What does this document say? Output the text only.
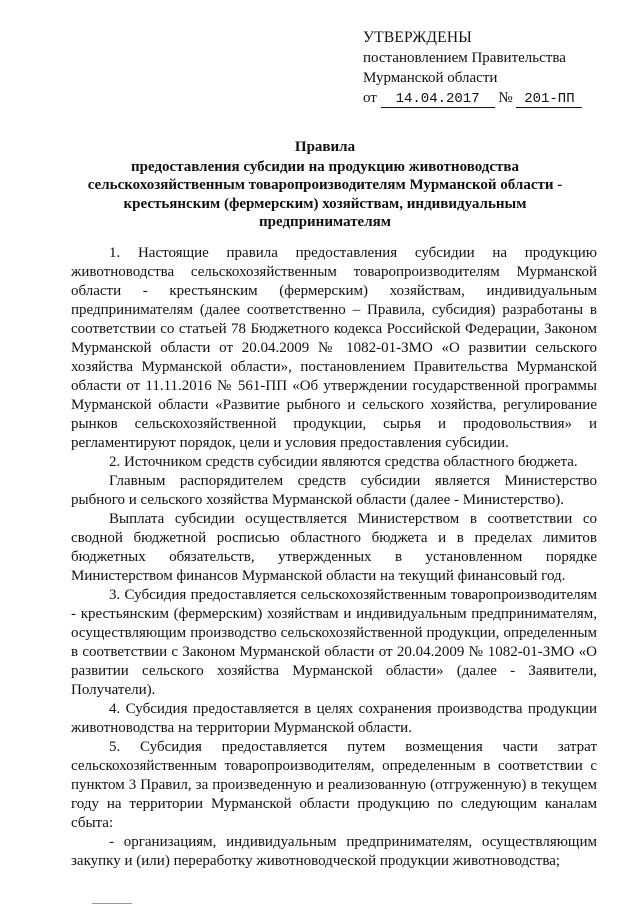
УТВЕРЖДЕНЫ
постановлением Правительства
Мурманской области
от 14.04.2017 № 201-ПП
Правила
предоставления субсидии на продукцию животноводства сельскохозяйственным товаропроизводителям Мурманской области - крестьянским (фермерским) хозяйствам, индивидуальным предпринимателям

1. Настоящие правила предоставления субсидии на продукцию животноводства сельскохозяйственным товаропроизводителям Мурманской области - крестьянским (фермерским) хозяйствам, индивидуальным предпринимателям (далее соответственно – Правила, субсидия) разработаны в соответствии со статьей 78 Бюджетного кодекса Российской Федерации, Законом Мурманской области от 20.04.2009 № 1082-01-ЗМО «О развитии сельского хозяйства Мурманской области», постановлением Правительства Мурманской области от 11.11.2016 № 561-ПП «Об утверждении государственной программы Мурманской области «Развитие рыбного и сельского хозяйства, регулирование рынков сельскохозяйственной продукции, сырья и продовольствия» и регламентируют порядок, цели и условия предоставления субсидии.

2. Источником средств субсидии являются средства областного бюджета.

Главным распорядителем средств субсидии является Министерство рыбного и сельского хозяйства Мурманской области (далее - Министерство).

Выплата субсидии осуществляется Министерством в соответствии со сводной бюджетной росписью областного бюджета и в пределах лимитов бюджетных обязательств, утвержденных в установленном порядке Министерством финансов Мурманской области на текущий финансовый год.

3. Субсидия предоставляется сельскохозяйственным товаропроизводителям - крестьянским (фермерским) хозяйствам и индивидуальным предпринимателям, осуществляющим производство сельскохозяйственной продукции, определенным в соответствии с Законом Мурманской области от 20.04.2009 № 1082-01-ЗМО «О развитии сельского хозяйства Мурманской области» (далее - Заявители, Получатели).

4. Субсидия предоставляется в целях сохранения производства продукции животноводства на территории Мурманской области.

5. Субсидия предоставляется путем возмещения части затрат сельскохозяйственным товаропроизводителям, определенным в соответствии с пунктом 3 Правил, за произведенную и реализованную (отгруженную) в текущем году на территории Мурманской области продукцию по следующим каналам сбыта:

- организациям, индивидуальным предпринимателям, осуществляющим закупку и (или) переработку животноводческой продукции животноводства;
